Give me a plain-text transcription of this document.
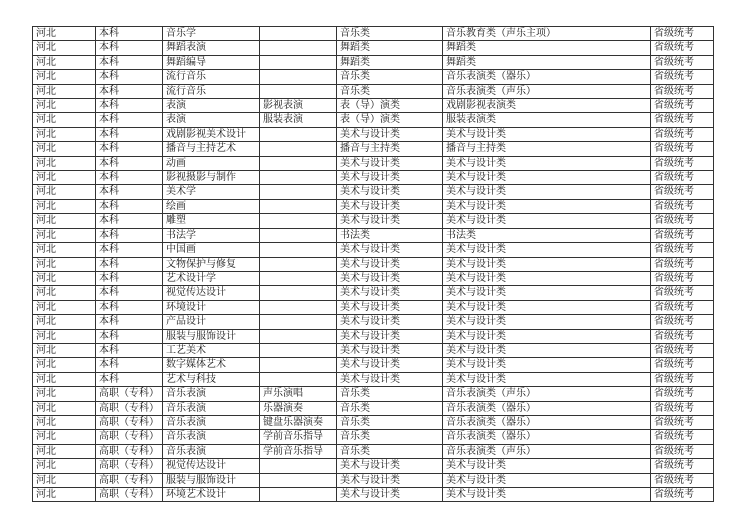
河北	本科	音乐学		音乐类	音乐教育类（声乐主项）	省级统考
河北	本科	舞蹈表演		舞蹈类	舞蹈类	省级统考
河北	本科	舞蹈编导		舞蹈类	舞蹈类	省级统考
河北	本科	流行音乐		音乐类	音乐表演类（器乐）	省级统考
河北	本科	流行音乐		音乐类	音乐表演类（声乐）	省级统考
河北	本科	表演	影视表演	表（导）演类	戏剧影视表演类	省级统考
河北	本科	表演	服装表演	表（导）演类	服装表演类	省级统考
河北	本科	戏剧影视美术设计		美术与设计类	美术与设计类	省级统考
河北	本科	播音与主持艺术		播音与主持类	播音与主持类	省级统考
河北	本科	动画		美术与设计类	美术与设计类	省级统考
河北	本科	影视摄影与制作		美术与设计类	美术与设计类	省级统考
河北	本科	美术学		美术与设计类	美术与设计类	省级统考
河北	本科	绘画		美术与设计类	美术与设计类	省级统考
河北	本科	雕塑		美术与设计类	美术与设计类	省级统考
河北	本科	书法学		书法类	书法类	省级统考
河北	本科	中国画		美术与设计类	美术与设计类	省级统考
河北	本科	文物保护与修复		美术与设计类	美术与设计类	省级统考
河北	本科	艺术设计学		美术与设计类	美术与设计类	省级统考
河北	本科	视觉传达设计		美术与设计类	美术与设计类	省级统考
河北	本科	环境设计		美术与设计类	美术与设计类	省级统考
河北	本科	产品设计		美术与设计类	美术与设计类	省级统考
河北	本科	服装与服饰设计		美术与设计类	美术与设计类	省级统考
河北	本科	工艺美术		美术与设计类	美术与设计类	省级统考
河北	本科	数字媒体艺术		美术与设计类	美术与设计类	省级统考
河北	本科	艺术与科技		美术与设计类	美术与设计类	省级统考
河北	高职（专科）	音乐表演	声乐演唱	音乐类	音乐表演类（声乐）	省级统考
河北	高职（专科）	音乐表演	乐器演奏	音乐类	音乐表演类（器乐）	省级统考
河北	高职（专科）	音乐表演	键盘乐器演奏	音乐类	音乐表演类（器乐）	省级统考
河北	高职（专科）	音乐表演	学前音乐指导	音乐类	音乐表演类（器乐）	省级统考
河北	高职（专科）	音乐表演	学前音乐指导	音乐类	音乐表演类（声乐）	省级统考
河北	高职（专科）	视觉传达设计		美术与设计类	美术与设计类	省级统考
河北	高职（专科）	服装与服饰设计		美术与设计类	美术与设计类	省级统考
河北	高职（专科）	环境艺术设计		美术与设计类	美术与设计类	省级统考
